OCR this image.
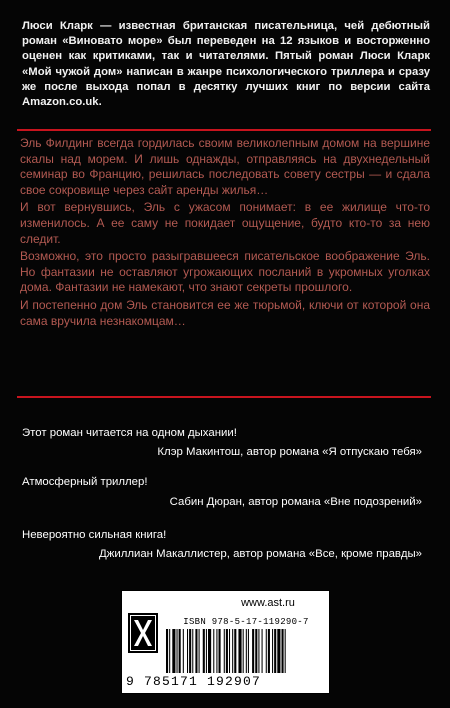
Люси Кларк — известная британская писательница, чей дебютный роман «Виновато море» был переведен на 12 языков и восторженно оценен как критиками, так и читателями. Пятый роман Люси Кларк «Мой чужой дом» написан в жанре психологического триллера и сразу же после выхода попал в десятку лучших книг по версии сайта Amazon.co.uk.

Эль Филдинг всегда гордилась своим великолепным домом на вершине скалы над морем. И лишь однажды, отправляясь на двухнедельный семинар во Францию, решилась последовать совету сестры — и сдала свое сокровище через сайт аренды жилья…

И вот вернувшись, Эль с ужасом понимает: в ее жилище что-то изменилось. А ее саму не покидает ощущение, будто кто-то за нею следит.

Возможно, это просто разыгравшееся писательское воображение Эль. Но фантазии не оставляют угрожающих посланий в укромных уголках дома. Фантазии не намекают, что знают секреты прошлого.

И постепенно дом Эль становится ее же тюрьмой, ключи от которой она сама вручила незнакомцам…

Этот роман читается на одном дыхании!
Клэр Макинтош, автор романа «Я отпускаю тебя»
Атмосферный триллер!
Сабин Дюран, автор романа «Вне подозрений»
Невероятно сильная книга!
Джиллиан Макаллистер, автор романа «Все, кроме правды»
www.ast.ru
ISBN 978-5-17-119290-7
9 785171 192907
